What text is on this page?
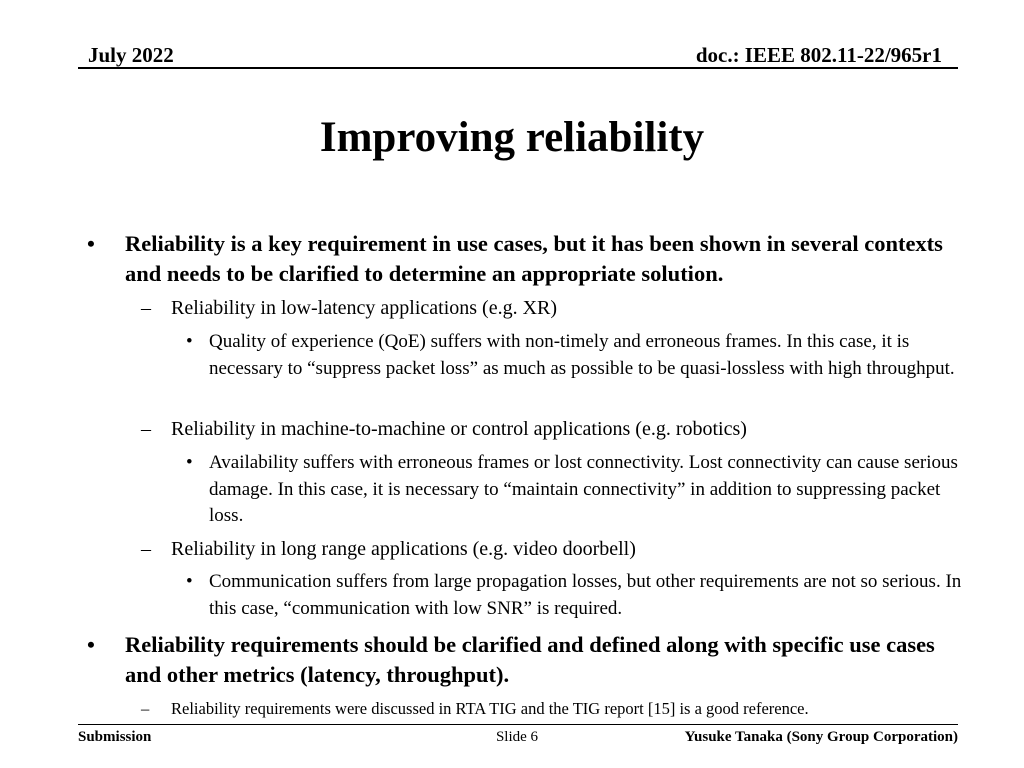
July 2022	doc.: IEEE 802.11-22/965r1
Improving reliability
• Reliability is a key requirement in use cases, but it has been shown in several contexts and needs to be clarified to determine an appropriate solution.
– Reliability in low-latency applications (e.g. XR)
• Quality of experience (QoE) suffers with non-timely and erroneous frames. In this case, it is necessary to “suppress packet loss” as much as possible to be quasi-lossless with high throughput.
– Reliability in machine-to-machine or control applications (e.g. robotics)
• Availability suffers with erroneous frames or lost connectivity. Lost connectivity can cause serious damage. In this case, it is necessary to “maintain connectivity” in addition to suppressing packet loss.
– Reliability in long range applications (e.g. video doorbell)
• Communication suffers from large propagation losses, but other requirements are not so serious. In this case, “communication with low SNR” is required.
• Reliability requirements should be clarified and defined along with specific use cases and other metrics (latency, throughput).
– Reliability requirements were discussed in RTA TIG and the TIG report [15] is a good reference.
Submission	Slide 6	Yusuke Tanaka (Sony Group Corporation)
